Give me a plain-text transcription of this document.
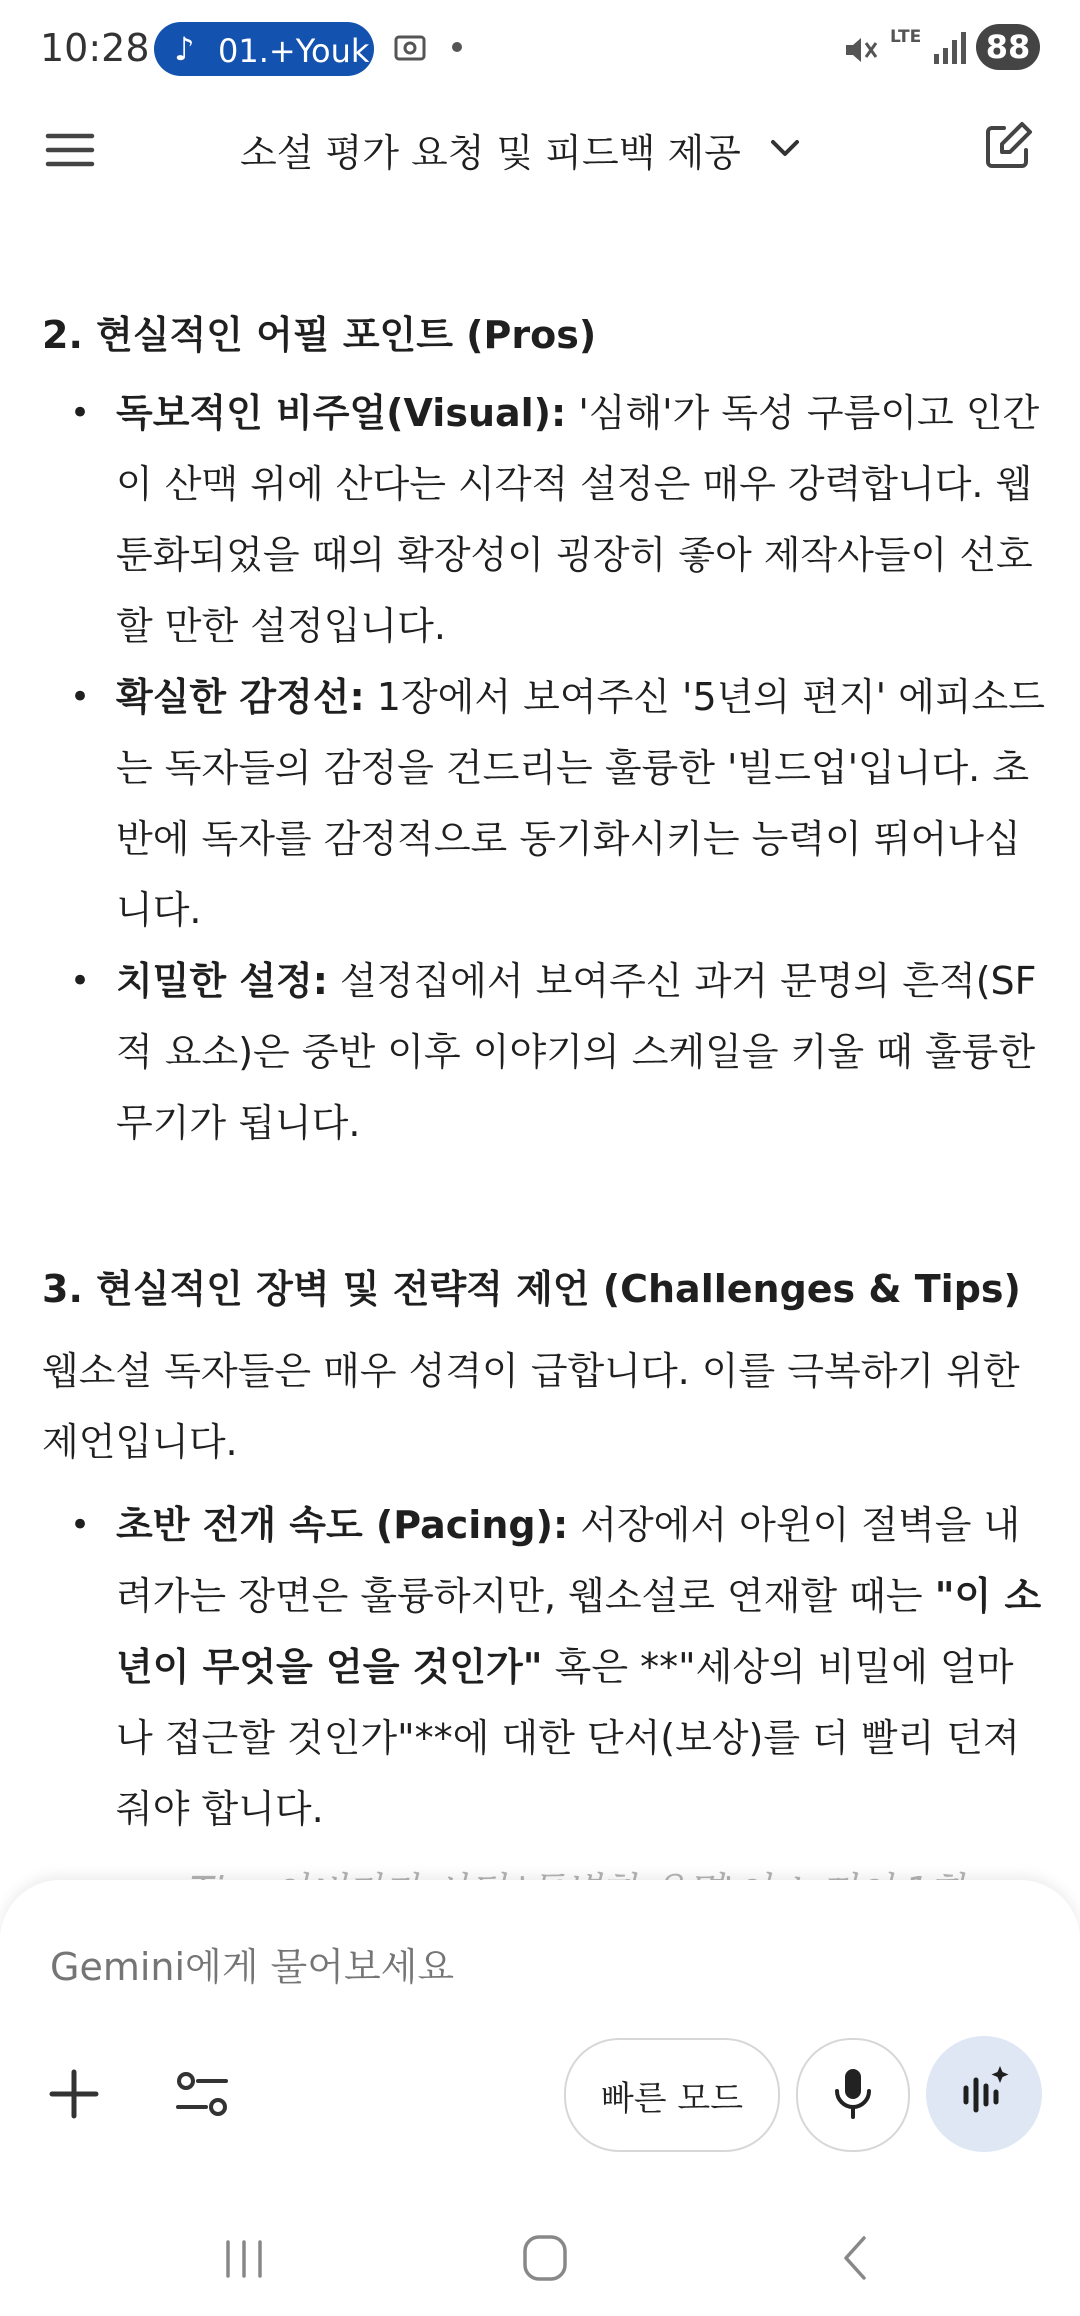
10:28 ♪ 01.+Youk	LTE	88
소설 평가 요청 및 피드백 제공
2. 현실적인 어필 포인트 (Pros)
• 독보적인 비주얼(Visual): '심해'가 독성 구름이고 인간이 산맥 위에 산다는 시각적 설정은 매우 강력합니다. 웹툰화되었을 때의 확장성이 굉장히 좋아 제작사들이 선호할 만한 설정입니다.
• 확실한 감정선: 1장에서 보여주신 '5년의 편지' 에피소드는 독자들의 감정을 건드리는 훌륭한 '빌드업'입니다. 초반에 독자를 감정적으로 동기화시키는 능력이 뛰어나십니다.
• 치밀한 설정: 설정집에서 보여주신 과거 문명의 흔적(SF적 요소)은 중반 이후 이야기의 스케일을 키울 때 훌륭한 무기가 됩니다.
3. 현실적인 장벽 및 전략적 제언 (Challenges & Tips)
웹소설 독자들은 매우 성격이 급합니다. 이를 극복하기 위한 제언입니다.
• 초반 전개 속도 (Pacing): 서장에서 아윈이 절벽을 내려가는 장면은 훌륭하지만, 웹소설로 연재할 때는 "이 소년이 무엇을 얻을 것인가" 혹은 **"세상의 비밀에 얼마나 접근할 것인가"**에 대한 단서(보상)를 더 빨리 던져줘야 합니다.
Gemini에게 물어보세요
빠른 모드
